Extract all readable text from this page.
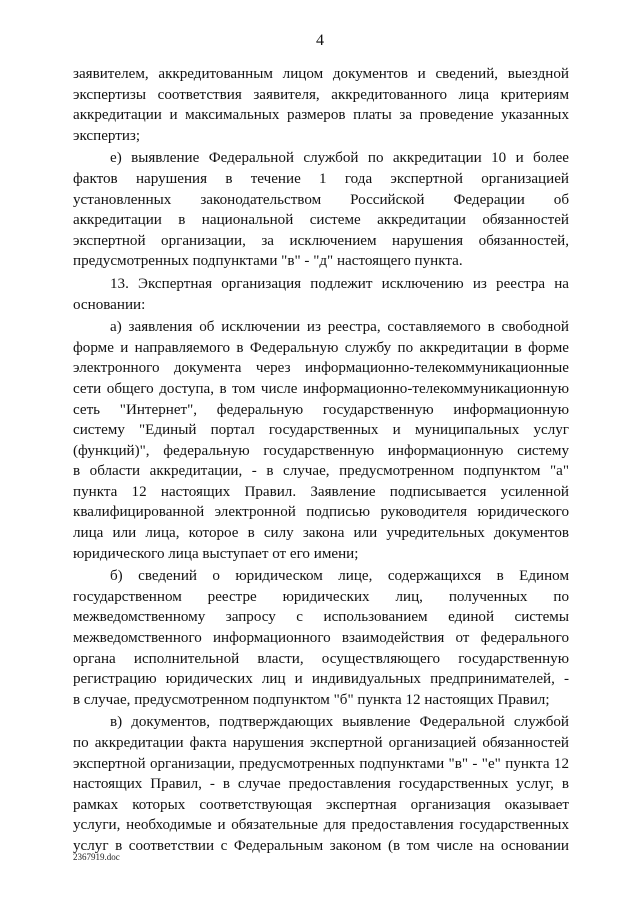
4
заявителем, аккредитованным лицом документов и сведений, выездной
экспертизы соответствия заявителя, аккредитованного лица критериям
аккредитации и максимальных размеров платы за проведение указанных
экспертиз;
е) выявление Федеральной службой по аккредитации 10 и более
фактов нарушения в течение 1 года экспертной организацией
установленных законодательством Российской Федерации об
аккредитации в национальной системе аккредитации обязанностей
экспертной организации, за исключением нарушения обязанностей,
предусмотренных подпунктами "в" - "д" настоящего пункта.
13. Экспертная организация подлежит исключению из реестра на
основании:
а) заявления об исключении из реестра, составляемого в свободной
форме и направляемого в Федеральную службу по аккредитации в форме
электронного документа через информационно-телекоммуникационные
сети общего доступа, в том числе информационно-телекоммуникационную
сеть "Интернет", федеральную государственную информационную
систему "Единый портал государственных и муниципальных услуг
(функций)", федеральную государственную информационную систему
в области аккредитации, - в случае, предусмотренном подпунктом "а"
пункта 12 настоящих Правил. Заявление подписывается усиленной
квалифицированной электронной подписью руководителя юридического
лица или лица, которое в силу закона или учредительных документов
юридического лица выступает от его имени;
б) сведений о юридическом лице, содержащихся в Едином
государственном реестре юридических лиц, полученных по
межведомственному запросу с использованием единой системы
межведомственного информационного взаимодействия от федерального
органа исполнительной власти, осуществляющего государственную
регистрацию юридических лиц и индивидуальных предпринимателей, -
в случае, предусмотренном подпунктом "б" пункта 12 настоящих Правил;
в) документов, подтверждающих выявление Федеральной службой
по аккредитации факта нарушения экспертной организацией обязанностей
экспертной организации, предусмотренных подпунктами "в" - "е" пункта 12
настоящих Правил, - в случае предоставления государственных услуг, в
рамках которых соответствующая экспертная организация оказывает
услуги, необходимые и обязательные для предоставления государственных
услуг в соответствии с Федеральным законом (в том числе на основании
2367919.doc
